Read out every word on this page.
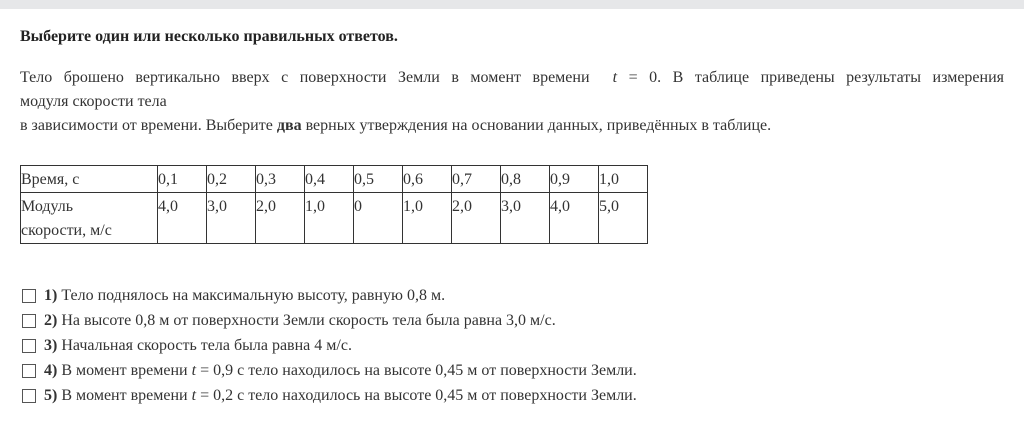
Выберите один или несколько правильных ответов.
Тело брошено вертикально вверх с поверхности Земли в момент времени t = 0. В таблице приведены результаты измерения
модуля скорости тела
в зависимости от времени. Выберите два верных утверждения на основании данных, приведённых в таблице.
Время, с	0,1	0,2	0,3	0,4	0,5	0,6	0,7	0,8	0,9	1,0
Модуль
скорости, м/с	4,0	3,0	2,0	1,0	0	1,0	2,0	3,0	4,0	5,0
1) Тело поднялось на максимальную высоту, равную 0,8 м.
2) На высоте 0,8 м от поверхности Земли скорость тела была равна 3,0 м/с.
3) Начальная скорость тела была равна 4 м/с.
4) В момент времени
t
= 0,9 с тело находилось на высоте 0,45 м от поверхности Земли.
5) В момент времени
t
= 0,2 с тело находилось на высоте 0,45 м от поверхности Земли.
